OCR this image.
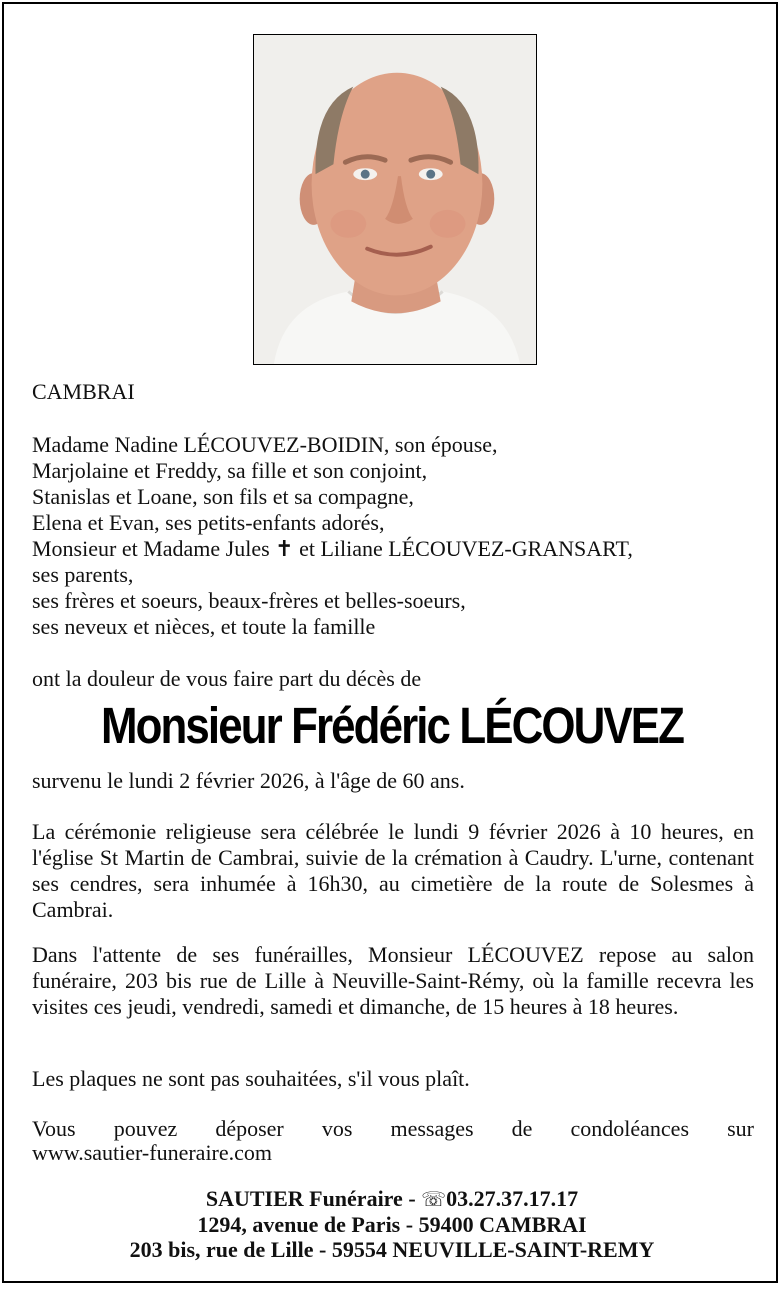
CAMBRAI
Madame Nadine LÉCOUVEZ-BOIDIN, son épouse,
Marjolaine et Freddy, sa fille et son conjoint,
Stanislas et Loane, son fils et sa compagne,
Elena et Evan, ses petits-enfants adorés,
Monsieur et Madame Jules ✝ et Liliane LÉCOUVEZ-GRANSART,
ses parents,
ses frères et soeurs, beaux-frères et belles-soeurs,
ses neveux et nièces, et toute la famille
ont la douleur de vous faire part du décès de
Monsieur Frédéric LÉCOUVEZ
survenu le lundi 2 février 2026, à l'âge de 60 ans.
La cérémonie religieuse sera célébrée le lundi 9 février 2026 à 10 heures, en l'église St Martin de Cambrai, suivie de la crémation à Caudry. L'urne, contenant ses cendres, sera inhumée à 16h30, au cimetière de la route de Solesmes à Cambrai.
Dans l'attente de ses funérailles, Monsieur LÉCOUVEZ repose au salon funéraire, 203 bis rue de Lille à Neuville-Saint-Rémy, où la famille recevra les visites ces jeudi, vendredi, samedi et dimanche, de 15 heures à 18 heures.
Les plaques ne sont pas souhaitées, s'il vous plaît.
Vous pouvez déposer vos messages de condoléances sur
www.sautier-funeraire.com
SAUTIER Funéraire - ☏03.27.37.17.17
1294, avenue de Paris - 59400 CAMBRAI
203 bis, rue de Lille - 59554 NEUVILLE-SAINT-REMY
